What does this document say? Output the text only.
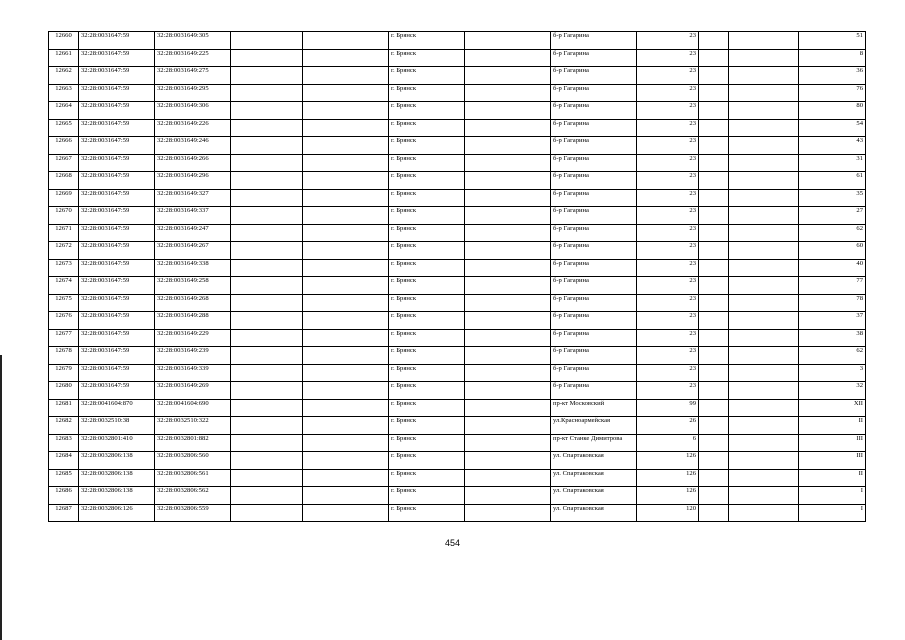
12660	32:28:0031647:59	32:28:0031649:305			г. Брянск		б-р Гагарина	23			51
12661	32:28:0031647:59	32:28:0031649:225			г. Брянск		б-р Гагарина	23			8
12662	32:28:0031647:59	32:28:0031649:275			г. Брянск		б-р Гагарина	23			36
12663	32:28:0031647:59	32:28:0031649:295			г. Брянск		б-р Гагарина	23			76
12664	32:28:0031647:59	32:28:0031649:306			г. Брянск		б-р Гагарина	23			80
12665	32:28:0031647:59	32:28:0031649:226			г. Брянск		б-р Гагарина	23			54
12666	32:28:0031647:59	32:28:0031649:246			г. Брянск		б-р Гагарина	23			43
12667	32:28:0031647:59	32:28:0031649:266			г. Брянск		б-р Гагарина	23			31
12668	32:28:0031647:59	32:28:0031649:296			г. Брянск		б-р Гагарина	23			61
12669	32:28:0031647:59	32:28:0031649:327			г. Брянск		б-р Гагарина	23			35
12670	32:28:0031647:59	32:28:0031649:337			г. Брянск		б-р Гагарина	23			27
12671	32:28:0031647:59	32:28:0031649:247			г. Брянск		б-р Гагарина	23			62
12672	32:28:0031647:59	32:28:0031649:267			г. Брянск		б-р Гагарина	23			60
12673	32:28:0031647:59	32:28:0031649:338			г. Брянск		б-р Гагарина	23			40
12674	32:28:0031647:59	32:28:0031649:258			г. Брянск		б-р Гагарина	23			77
12675	32:28:0031647:59	32:28:0031649:268			г. Брянск		б-р Гагарина	23			78
12676	32:28:0031647:59	32:28:0031649:288			г. Брянск		б-р Гагарина	23			37
12677	32:28:0031647:59	32:28:0031649:229			г. Брянск		б-р Гагарина	23			38
12678	32:28:0031647:59	32:28:0031649:239			г. Брянск		б-р Гагарина	23			62
12679	32:28:0031647:59	32:28:0031649:339			г. Брянск		б-р Гагарина	23			3
12680	32:28:0031647:59	32:28:0031649:269			г. Брянск		б-р Гагарина	23			32
12681	32:28:0041604:870	32:28:0041604:690			г. Брянск		пр-кт Московский	99			XII
12682	32:28:0032510:38	32:28:0032510:322			г. Брянск		ул.Красноармейская	26			II
12683	32:28:0032801:410	32:28:0032801:882			г. Брянск		пр-кт Станке Димитрова	6			III
12684	32:28:0032806:138	32:28:0032806:560			г. Брянск		ул. Спартаковская	126			III
12685	32:28:0032806:138	32:28:0032806:561			г. Брянск		ул. Спартаковская	126			II
12686	32:28:0032806:138	32:28:0032806:562			г. Брянск		ул. Спартаковская	126			I
12687	32:28:0032806:126	32:28:0032806:559			г. Брянск		ул. Спартаковская	120			I
454
